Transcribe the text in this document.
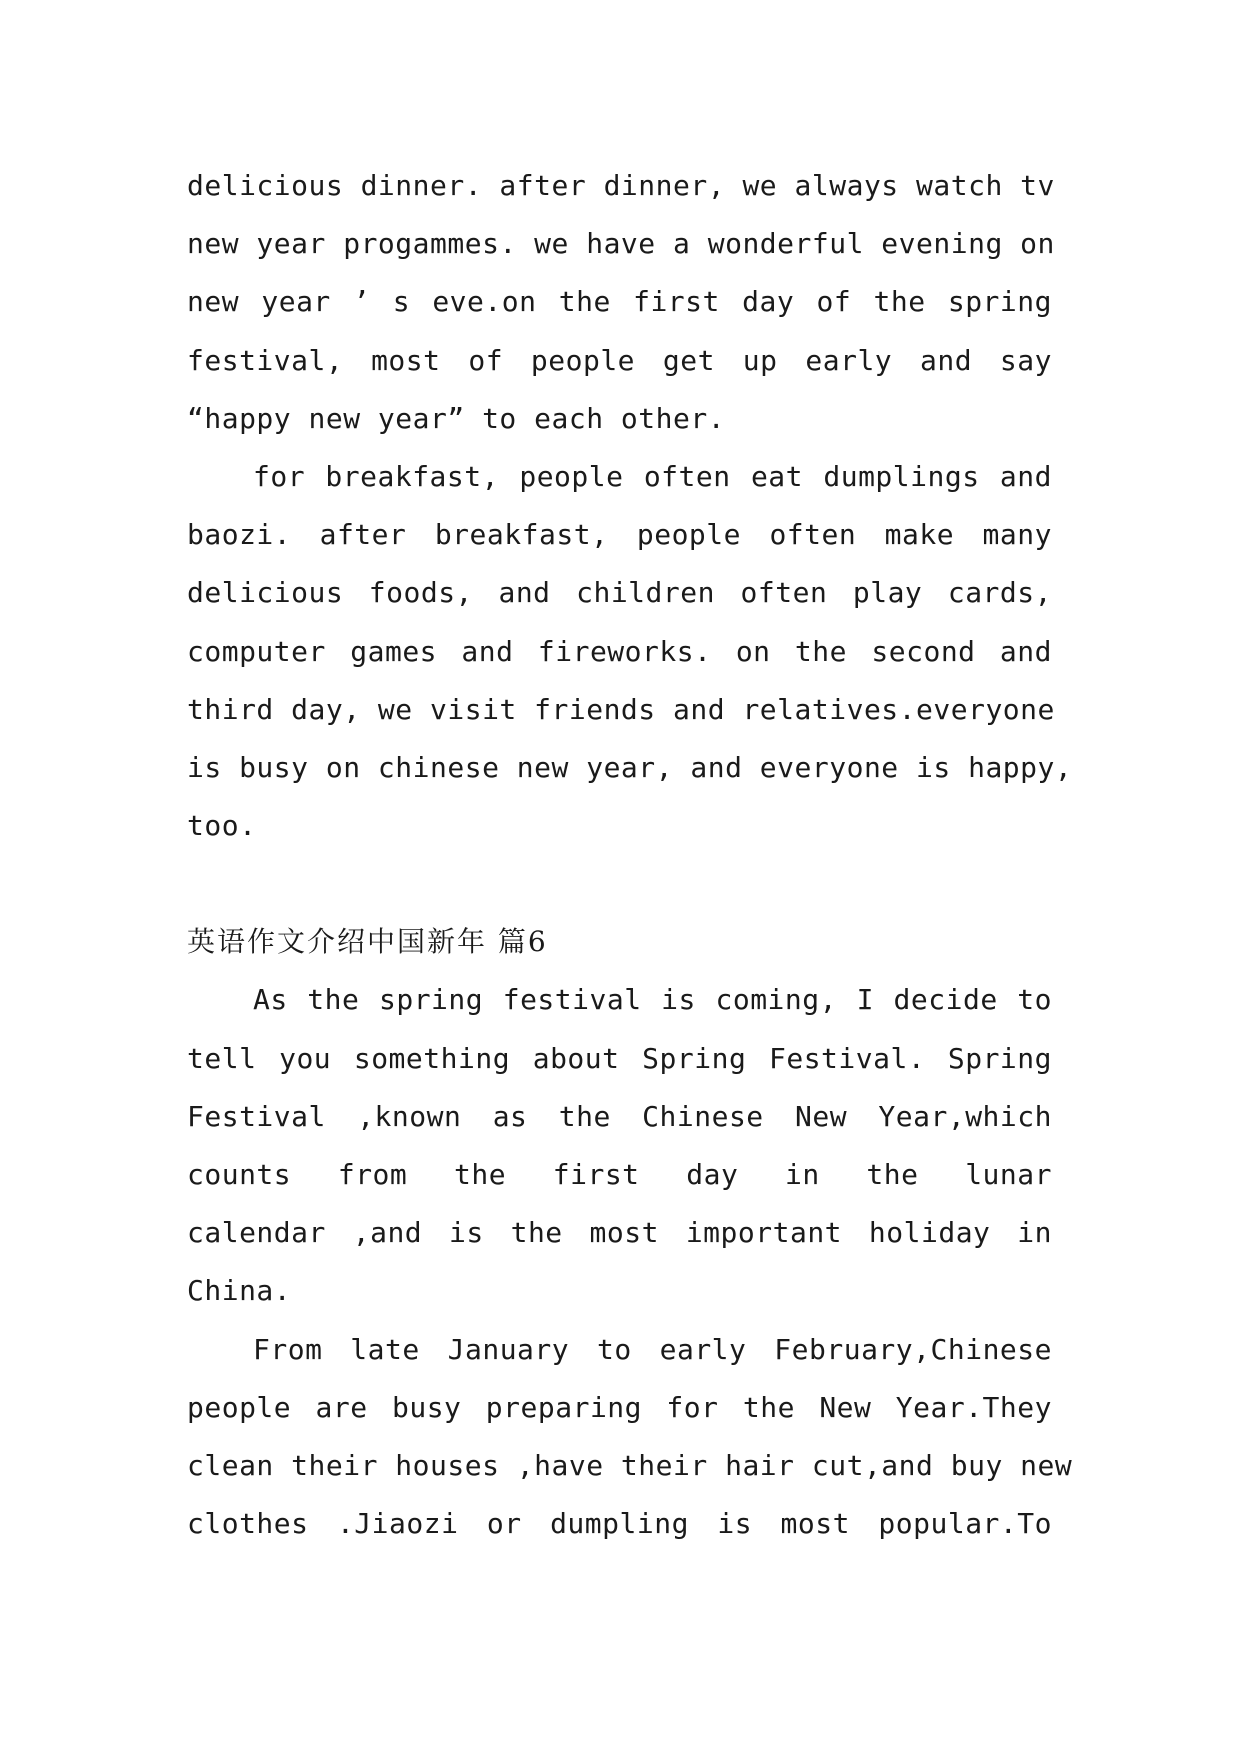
delicious dinner. after dinner, we always watch tv
new year progammes. we have a wonderful evening on
new year ’ s eve.on the first day of the spring
festival, most of people get up early and say
“happy new year” to each other.
for breakfast, people often eat dumplings and
baozi. after breakfast, people often make many
delicious foods, and children often play cards,
computer games and fireworks. on the second and
third day, we visit friends and relatives.everyone
is busy on chinese new year, and everyone is happy,
too.
英语作文介绍中国新年 篇6
As the spring festival is coming, I decide to
tell you something about Spring Festival. Spring
Festival ,known as the Chinese New Year,which
counts from the first day in the lunar
calendar ,and is the most important holiday in
China.
From late January to early February,Chinese
people are busy preparing for the New Year.They
clean their houses ,have their hair cut,and buy new
clothes .Jiaozi or dumpling is most popular.To
